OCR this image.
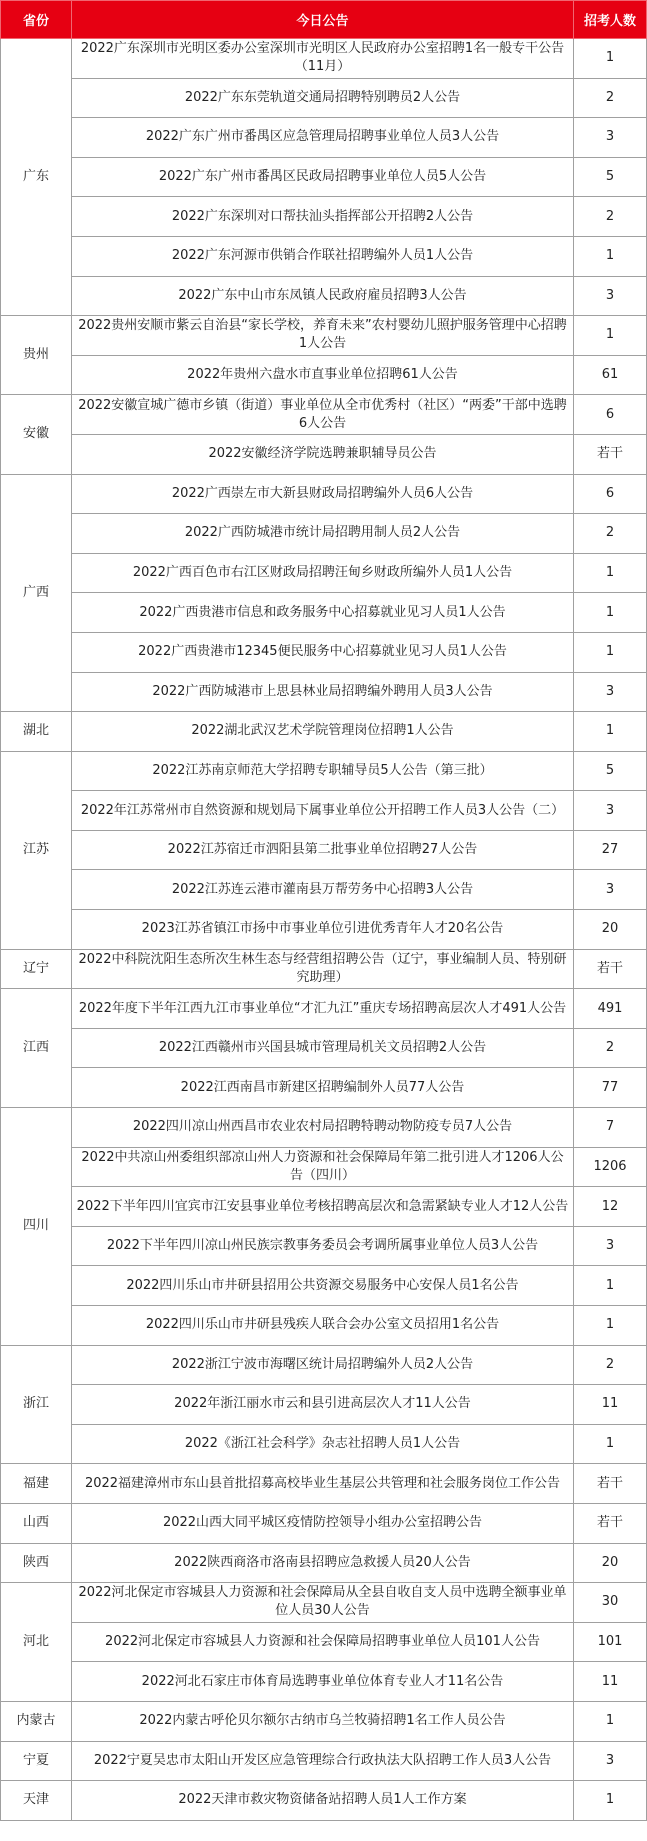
省份	今日公告	招考人数
广东	2022广东深圳市光明区委办公室深圳市光明区人民政府办公室招聘1名一般专干公告（11月）	1
	2022广东东莞轨道交通局招聘特别聘员2人公告	2
	2022广东广州市番禺区应急管理局招聘事业单位人员3人公告	3
	2022广东广州市番禺区民政局招聘事业单位人员5人公告	5
	2022广东深圳对口帮扶汕头指挥部公开招聘2人公告	2
	2022广东河源市供销合作联社招聘编外人员1人公告	1
	2022广东中山市东凤镇人民政府雇员招聘3人公告	3
贵州	2022贵州安顺市紫云自治县“家长学校，养育未来”农村婴幼儿照护服务管理中心招聘1人公告	1
	2022年贵州六盘水市直事业单位招聘61人公告	61
安徽	2022安徽宣城广德市乡镇（街道）事业单位从全市优秀村（社区）“两委”干部中选聘6人公告	6
	2022安徽经济学院选聘兼职辅导员公告	若干
广西	2022广西崇左市大新县财政局招聘编外人员6人公告	6
	2022广西防城港市统计局招聘用制人员2人公告	2
	2022广西百色市右江区财政局招聘汪甸乡财政所编外人员1人公告	1
	2022广西贵港市信息和政务服务中心招募就业见习人员1人公告	1
	2022广西贵港市12345便民服务中心招募就业见习人员1人公告	1
	2022广西防城港市上思县林业局招聘编外聘用人员3人公告	3
湖北	2022湖北武汉艺术学院管理岗位招聘1人公告	1
江苏	2022江苏南京师范大学招聘专职辅导员5人公告（第三批）	5
	2022年江苏常州市自然资源和规划局下属事业单位公开招聘工作人员3人公告（二）	3
	2022江苏宿迁市泗阳县第二批事业单位招聘27人公告	27
	2022江苏连云港市灌南县万帮劳务中心招聘3人公告	3
	2023江苏省镇江市扬中市事业单位引进优秀青年人才20名公告	20
辽宁	2022中科院沈阳生态所次生林生态与经营组招聘公告（辽宁，事业编制人员、特别研究助理）	若干
江西	2022年度下半年江西九江市事业单位“才汇九江”重庆专场招聘高层次人才491人公告	491
	2022江西赣州市兴国县城市管理局机关文员招聘2人公告	2
	2022江西南昌市新建区招聘编制外人员77人公告	77
四川	2022四川凉山州西昌市农业农村局招聘特聘动物防疫专员7人公告	7
	2022中共凉山州委组织部凉山州人力资源和社会保障局年第二批引进人才1206人公告（四川）	1206
	2022下半年四川宜宾市江安县事业单位考核招聘高层次和急需紧缺专业人才12人公告	12
	2022下半年四川凉山州民族宗教事务委员会考调所属事业单位人员3人公告	3
	2022四川乐山市井研县招用公共资源交易服务中心安保人员1名公告	1
	2022四川乐山市井研县残疾人联合会办公室文员招用1名公告	1
浙江	2022浙江宁波市海曙区统计局招聘编外人员2人公告	2
	2022年浙江丽水市云和县引进高层次人才11人公告	11
	2022《浙江社会科学》杂志社招聘人员1人公告	1
福建	2022福建漳州市东山县首批招募高校毕业生基层公共管理和社会服务岗位工作公告	若干
山西	2022山西大同平城区疫情防控领导小组办公室招聘公告	若干
陕西	2022陕西商洛市洛南县招聘应急救援人员20人公告	20
河北	2022河北保定市容城县人力资源和社会保障局从全县自收自支人员中选聘全额事业单位人员30人公告	30
	2022河北保定市容城县人力资源和社会保障局招聘事业单位人员101人公告	101
	2022河北石家庄市体育局选聘事业单位体育专业人才11名公告	11
内蒙古	2022内蒙古呼伦贝尔额尔古纳市乌兰牧骑招聘1名工作人员公告	1
宁夏	2022宁夏吴忠市太阳山开发区应急管理综合行政执法大队招聘工作人员3人公告	3
天津	2022天津市救灾物资储备站招聘人员1人工作方案	1
